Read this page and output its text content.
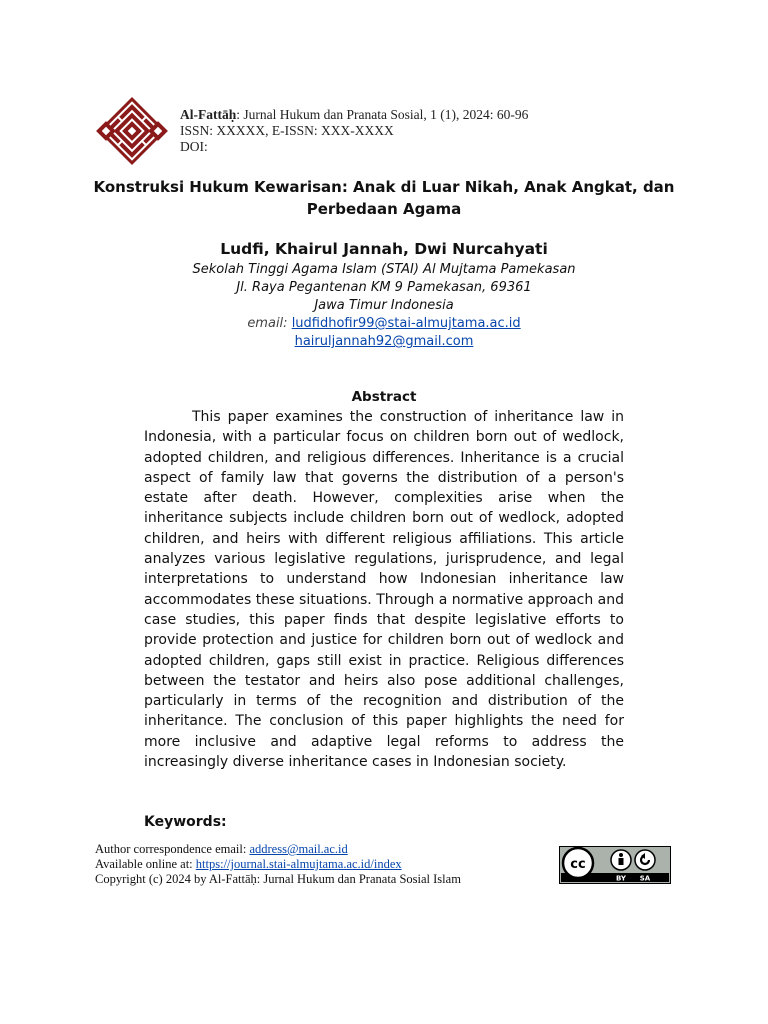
Al-Fattāḥ: Jurnal Hukum dan Pranata Sosial, 1 (1), 2024: 60-96
ISSN: XXXXX, E-ISSN: XXX-XXXX
DOI:
Konstruksi Hukum Kewarisan: Anak di Luar Nikah, Anak Angkat, dan
Perbedaan Agama
Ludfi, Khairul Jannah, Dwi Nurcahyati
Sekolah Tinggi Agama Islam (STAI) Al Mujtama Pamekasan
Jl. Raya Pegantenan KM 9 Pamekasan, 69361
Jawa Timur Indonesia
email: ludfidhofir99@stai-almujtama.ac.id
hairuljannah92@gmail.com
Abstract
This paper examines the construction of inheritance law in Indonesia, with a particular focus on children born out of wedlock, adopted children, and religious differences. Inheritance is a crucial aspect of family law that governs the distribution of a person's estate after death. However, complexities arise when the inheritance subjects include children born out of wedlock, adopted children, and heirs with different religious affiliations. This article analyzes various legislative regulations, jurisprudence, and legal interpretations to understand how Indonesian inheritance law accommodates these situations. Through a normative approach and case studies, this paper finds that despite legislative efforts to provide protection and justice for children born out of wedlock and adopted children, gaps still exist in practice. Religious differences between the testator and heirs also pose additional challenges, particularly in terms of the recognition and distribution of the inheritance. The conclusion of this paper highlights the need for more inclusive and adaptive legal reforms to address the increasingly diverse inheritance cases in Indonesian society.
Keywords:
Author correspondence email: address@mail.ac.id
Available online at: https://journal.stai-almujtama.ac.id/index
Copyright (c) 2024 by Al-Fattāḥ: Jurnal Hukum dan Pranata Sosial Islam
cc
BY SA
